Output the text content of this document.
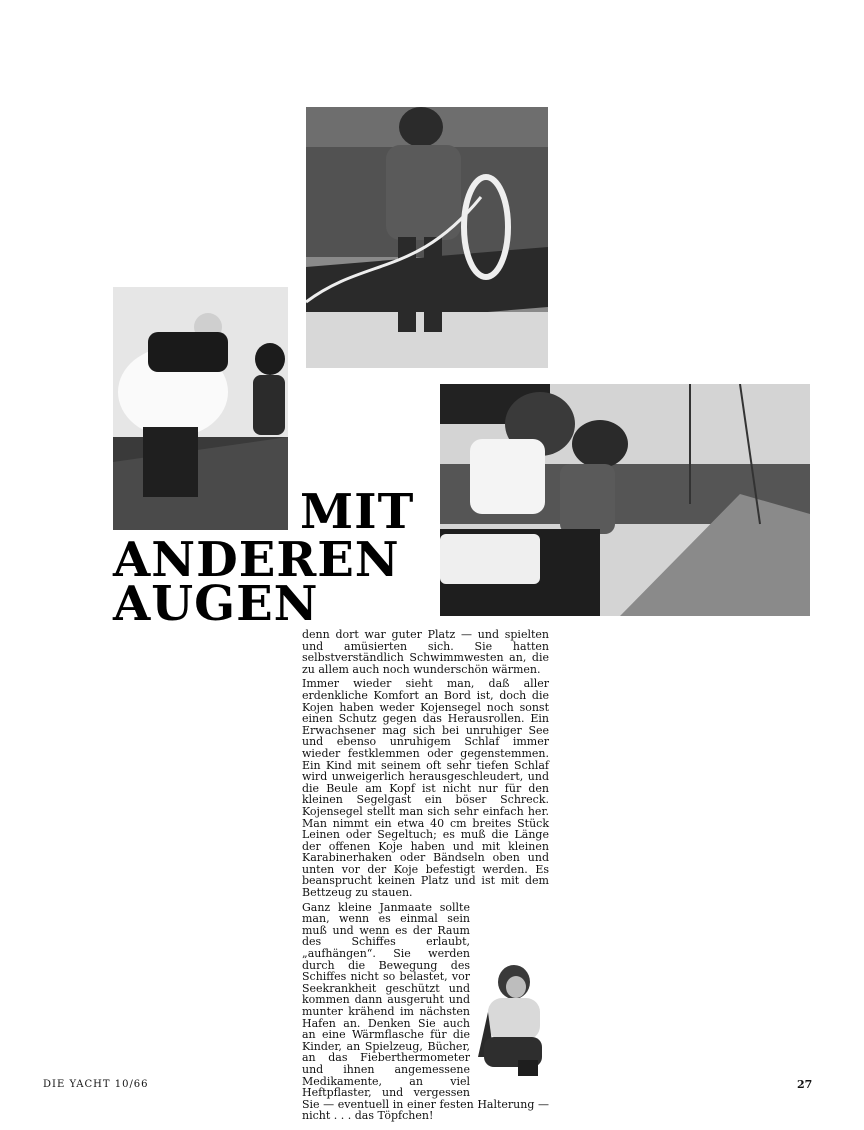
MIT
ANDEREN
AUGEN

denn dort war guter Platz — und spielten und amüsierten sich. Sie hatten selbstverständlich Schwimmwesten an, die zu allem auch noch wunderschön wärmen.

Immer wieder sieht man, daß aller erdenkliche Komfort an Bord ist, doch die Kojen haben weder Kojensegel noch sonst einen Schutz gegen das Herausrollen. Ein Erwachsener mag sich bei unruhiger See und ebenso unruhigem Schlaf immer wieder festklemmen oder gegenstemmen. Ein Kind mit seinem oft sehr tiefen Schlaf wird unweigerlich herausgeschleudert, und die Beule am Kopf ist nicht nur für den kleinen Segelgast ein böser Schreck. Kojensegel stellt man sich sehr einfach her. Man nimmt ein etwa 40 cm breites Stück Leinen oder Segeltuch; es muß die Länge der offenen Koje haben und mit kleinen Karabinerhaken oder Bändseln oben und unten vor der Koje befestigt werden. Es beansprucht keinen Platz und ist mit dem Bettzeug zu stauen.

Ganz kleine Janmaate sollte man, wenn es einmal sein muß und wenn es der Raum des Schiffes erlaubt, „aufhängen“. Sie werden durch die Bewegung des Schiffes nicht so belastet, vor Seekrankheit geschützt und kommen dann ausgeruht und munter krähend im nächsten Hafen an. Denken Sie auch an eine Wärmflasche für die Kinder, an Spielzeug, Bücher, an das Fieberthermometer und ihnen angemessene Medikamente, an viel Heftpflaster, und vergessen Sie — eventuell in einer festen Halterung — nicht . . . das Töpfchen!

DIE YACHT 10/66	27
